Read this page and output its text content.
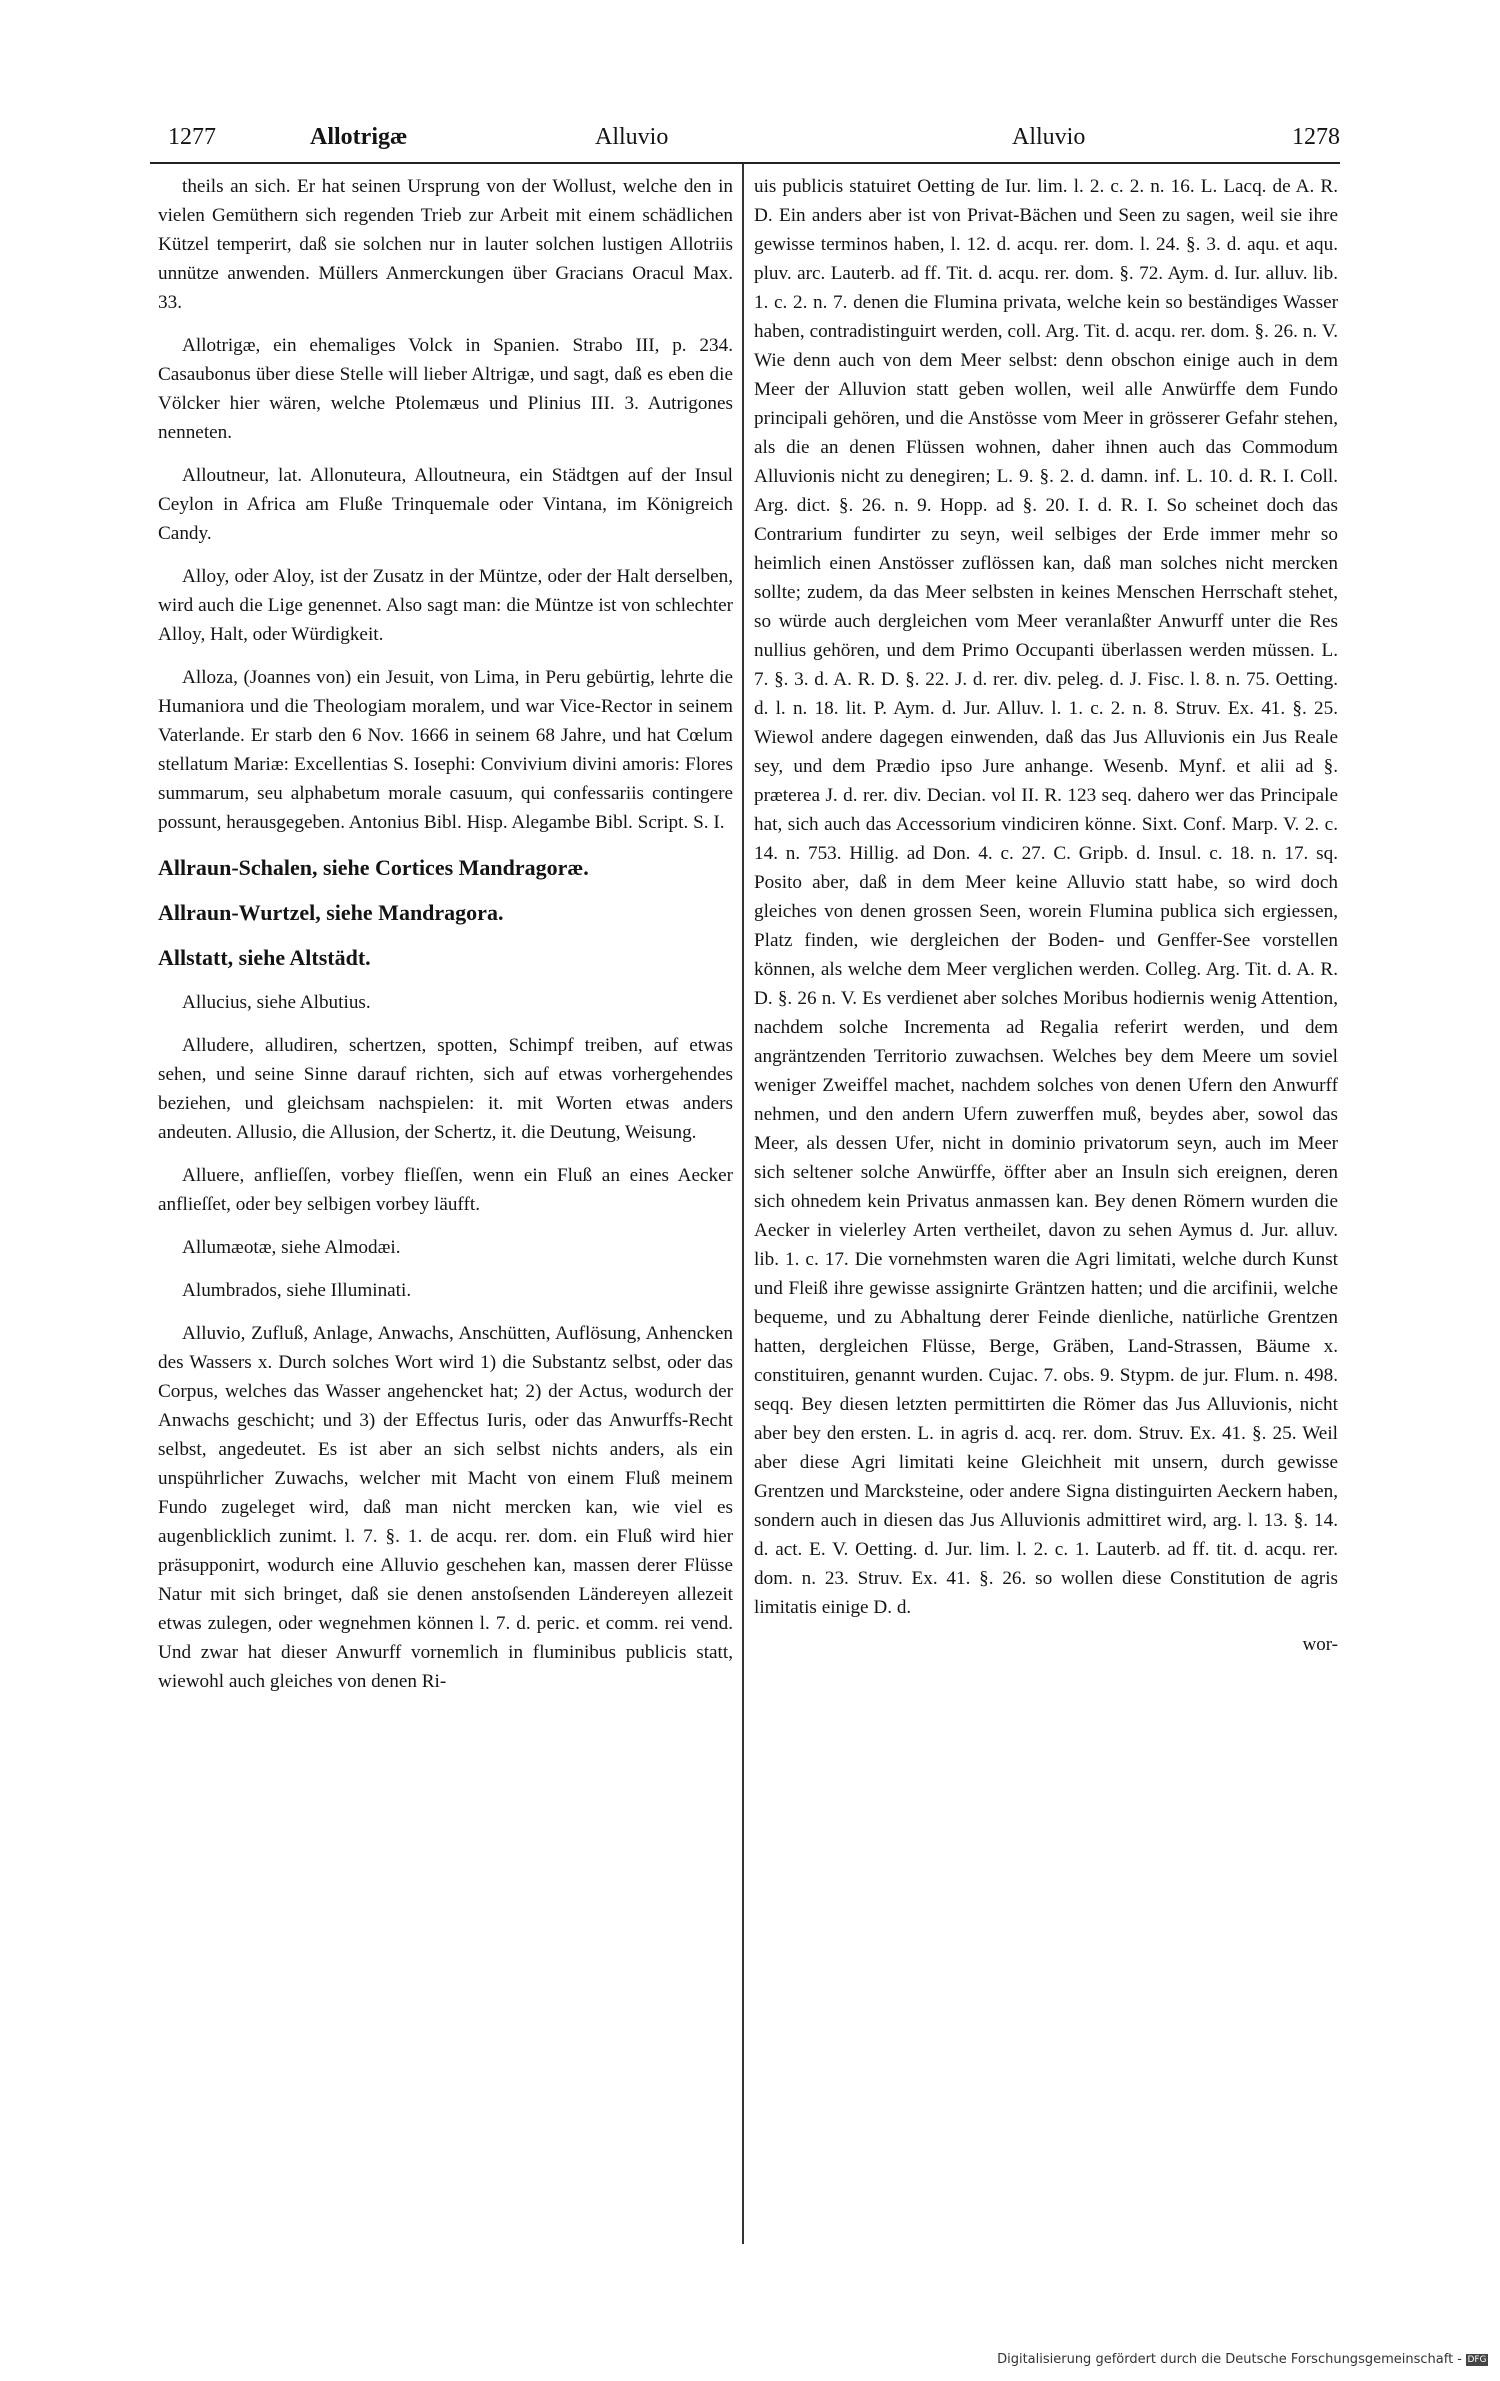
1277	Allotrigæ	Alluvio	Alluvio	1278
theils an sich. Er hat seinen Ursprung von der Wollust, welche den in vielen Gemüthern sich regenden Trieb zur Arbeit mit einem schädlichen Kützel temperirt, daß sie solchen nur in lauter solchen lustigen Allotriis unnütze anwenden. Müllers Anmerckungen über Gracians Oracul Max. 33.
Allotrigæ, ein ehemaliges Volck in Spanien. Strabo III, p. 234. Casaubonus über diese Stelle will lieber Altrigæ, und sagt, daß es eben die Völcker hier wären, welche Ptolemæus und Plinius III. 3. Autrigones nenneten.
Alloutneur, lat. Allonuteura, Alloutneura, ein Städtgen auf der Insul Ceylon in Africa am Fluße Trinquemale oder Vintana, im Königreich Candy.
Alloy, oder Aloy, ist der Zusatz in der Müntze, oder der Halt derselben, wird auch die Lige genennet. Also sagt man: die Müntze ist von schlechter Alloy, Halt, oder Würdigkeit.
Alloza, (Joannes von) ein Jesuit, von Lima, in Peru gebürtig, lehrte die Humaniora und die Theologiam moralem, und war Vice-Rector in seinem Vaterlande. Er starb den 6 Nov. 1666 in seinem 68 Jahre, und hat Cœlum stellatum Mariæ: Excellentias S. Iosephi: Convivium divini amoris: Flores summarum, seu alphabetum morale casuum, qui confessariis contingere possunt, herausgegeben. Antonius Bibl. Hisp. Alegambe Bibl. Script. S. I.
Allraun-Schalen, siehe Cortices Mandragoræ.
Allraun-Wurtzel, siehe Mandragora.
Allstatt, siehe Altstädt.
Allucius, siehe Albutius.
Alludere, alludiren, schertzen, spotten, Schimpf treiben, auf etwas sehen, und seine Sinne darauf richten, sich auf etwas vorhergehendes beziehen, und gleichsam nachspielen: it. mit Worten etwas anders andeuten. Allusio, die Allusion, der Schertz, it. die Deutung, Weisung.
Alluere, anflieſſen, vorbey flieſſen, wenn ein Fluß an eines Aecker anflieſſet, oder bey selbigen vorbey läufft.
Allumæotæ, siehe Almodæi.
Alumbrados, siehe Illuminati.
Alluvio, Zufluß, Anlage, Anwachs, Anschütten, Auflösung, Anhencken des Wassers x. Durch solches Wort wird 1) die Substantz selbst, oder das Corpus, welches das Wasser angehencket hat; 2) der Actus, wodurch der Anwachs geschicht; und 3) der Effectus Iuris, oder das Anwurffs-Recht selbst, angedeutet. Es ist aber an sich selbst nichts anders, als ein unspührlicher Zuwachs, welcher mit Macht von einem Fluß meinem Fundo zugeleget wird, daß man nicht mercken kan, wie viel es augenblicklich zunimt. l. 7. §. 1. de acqu. rer. dom. ein Fluß wird hier präsupponirt, wodurch eine Alluvio geschehen kan, massen derer Flüsse Natur mit sich bringet, daß sie denen anstoſsenden Ländereyen allezeit etwas zulegen, oder wegnehmen können l. 7. d. peric. et comm. rei vend. Und zwar hat dieser Anwurff vornemlich in fluminibus publicis statt, wiewohl auch gleiches von denen Ri-
uis publicis statuiret Oetting de Iur. lim. l. 2. c. 2. n. 16. L. Lacq. de A. R. D. Ein anders aber ist von Privat-Bächen und Seen zu sagen, weil sie ihre gewisse terminos haben, l. 12. d. acqu. rer. dom. l. 24. §. 3. d. aqu. et aqu. pluv. arc. Lauterb. ad ff. Tit. d. acqu. rer. dom. §. 72. Aym. d. Iur. alluv. lib. 1. c. 2. n. 7. denen die Flumina privata, welche kein so beständiges Wasser haben, contradistinguirt werden, coll. Arg. Tit. d. acqu. rer. dom. §. 26. n. V. Wie denn auch von dem Meer selbst: denn obschon einige auch in dem Meer der Alluvion statt geben wollen, weil alle Anwürffe dem Fundo principali gehören, und die Anstösse vom Meer in grösserer Gefahr stehen, als die an denen Flüssen wohnen, daher ihnen auch das Commodum Alluvionis nicht zu denegiren; L. 9. §. 2. d. damn. inf. L. 10. d. R. I. Coll. Arg. dict. §. 26. n. 9. Hopp. ad §. 20. I. d. R. I. So scheinet doch das Contrarium fundirter zu seyn, weil selbiges der Erde immer mehr so heimlich einen Anstösser zuflössen kan, daß man solches nicht mercken sollte; zudem, da das Meer selbsten in keines Menschen Herrschaft stehet, so würde auch dergleichen vom Meer veranlaßter Anwurff unter die Res nullius gehören, und dem Primo Occupanti überlassen werden müssen. L. 7. §. 3. d. A. R. D. §. 22. J. d. rer. div. peleg. d. J. Fisc. l. 8. n. 75. Oetting. d. l. n. 18. lit. P. Aym. d. Jur. Alluv. l. 1. c. 2. n. 8. Struv. Ex. 41. §. 25. Wiewol andere dagegen einwenden, daß das Jus Alluvionis ein Jus Reale sey, und dem Prædio ipso Jure anhange. Wesenb. Mynf. et alii ad §. præterea J. d. rer. div. Decian. vol II. R. 123 seq. dahero wer das Principale hat, sich auch das Accessorium vindiciren könne. Sixt. Conf. Marp. V. 2. c. 14. n. 753. Hillig. ad Don. 4. c. 27. C. Gripb. d. Insul. c. 18. n. 17. sq. Posito aber, daß in dem Meer keine Alluvio statt habe, so wird doch gleiches von denen grossen Seen, worein Flumina publica sich ergiessen, Platz finden, wie dergleichen der Boden- und Genffer-See vorstellen können, als welche dem Meer verglichen werden. Colleg. Arg. Tit. d. A. R. D. §. 26 n. V. Es verdienet aber solches Moribus hodiernis wenig Attention, nachdem solche Incrementa ad Regalia referirt werden, und dem angräntzenden Territorio zuwachsen. Welches bey dem Meere um soviel weniger Zweiffel machet, nachdem solches von denen Ufern den Anwurff nehmen, und den andern Ufern zuwerffen muß, beydes aber, sowol das Meer, als dessen Ufer, nicht in dominio privatorum seyn, auch im Meer sich seltener solche Anwürffe, öffter aber an Insuln sich ereignen, deren sich ohnedem kein Privatus anmassen kan. Bey denen Römern wurden die Aecker in vielerley Arten vertheilet, davon zu sehen Aymus d. Jur. alluv. lib. 1. c. 17. Die vornehmsten waren die Agri limitati, welche durch Kunst und Fleiß ihre gewisse assignirte Gräntzen hatten; und die arcifinii, welche bequeme, und zu Abhaltung derer Feinde dienliche, natürliche Grentzen hatten, dergleichen Flüsse, Berge, Gräben, Land-Strassen, Bäume x. constituiren, genannt wurden. Cujac. 7. obs. 9. Stypm. de jur. Flum. n. 498. seqq. Bey diesen letzten permittirten die Römer das Jus Alluvionis, nicht aber bey den ersten. L. in agris d. acq. rer. dom. Struv. Ex. 41. §. 25. Weil aber diese Agri limitati keine Gleichheit mit unsern, durch gewisse Grentzen und Marcksteine, oder andere Signa distinguirten Aeckern haben, sondern auch in diesen das Jus Alluvionis admittiret wird, arg. l. 13. §. 14. d. act. E. V. Oetting. d. Jur. lim. l. 2. c. 1. Lauterb. ad ff. tit. d. acqu. rer. dom. n. 23. Struv. Ex. 41. §. 26. so wollen diese Constitution de agris limitatis einige D. d.
wor-
Digitalisierung gefördert durch die Deutsche Forschungsgemeinschaft - DFG
